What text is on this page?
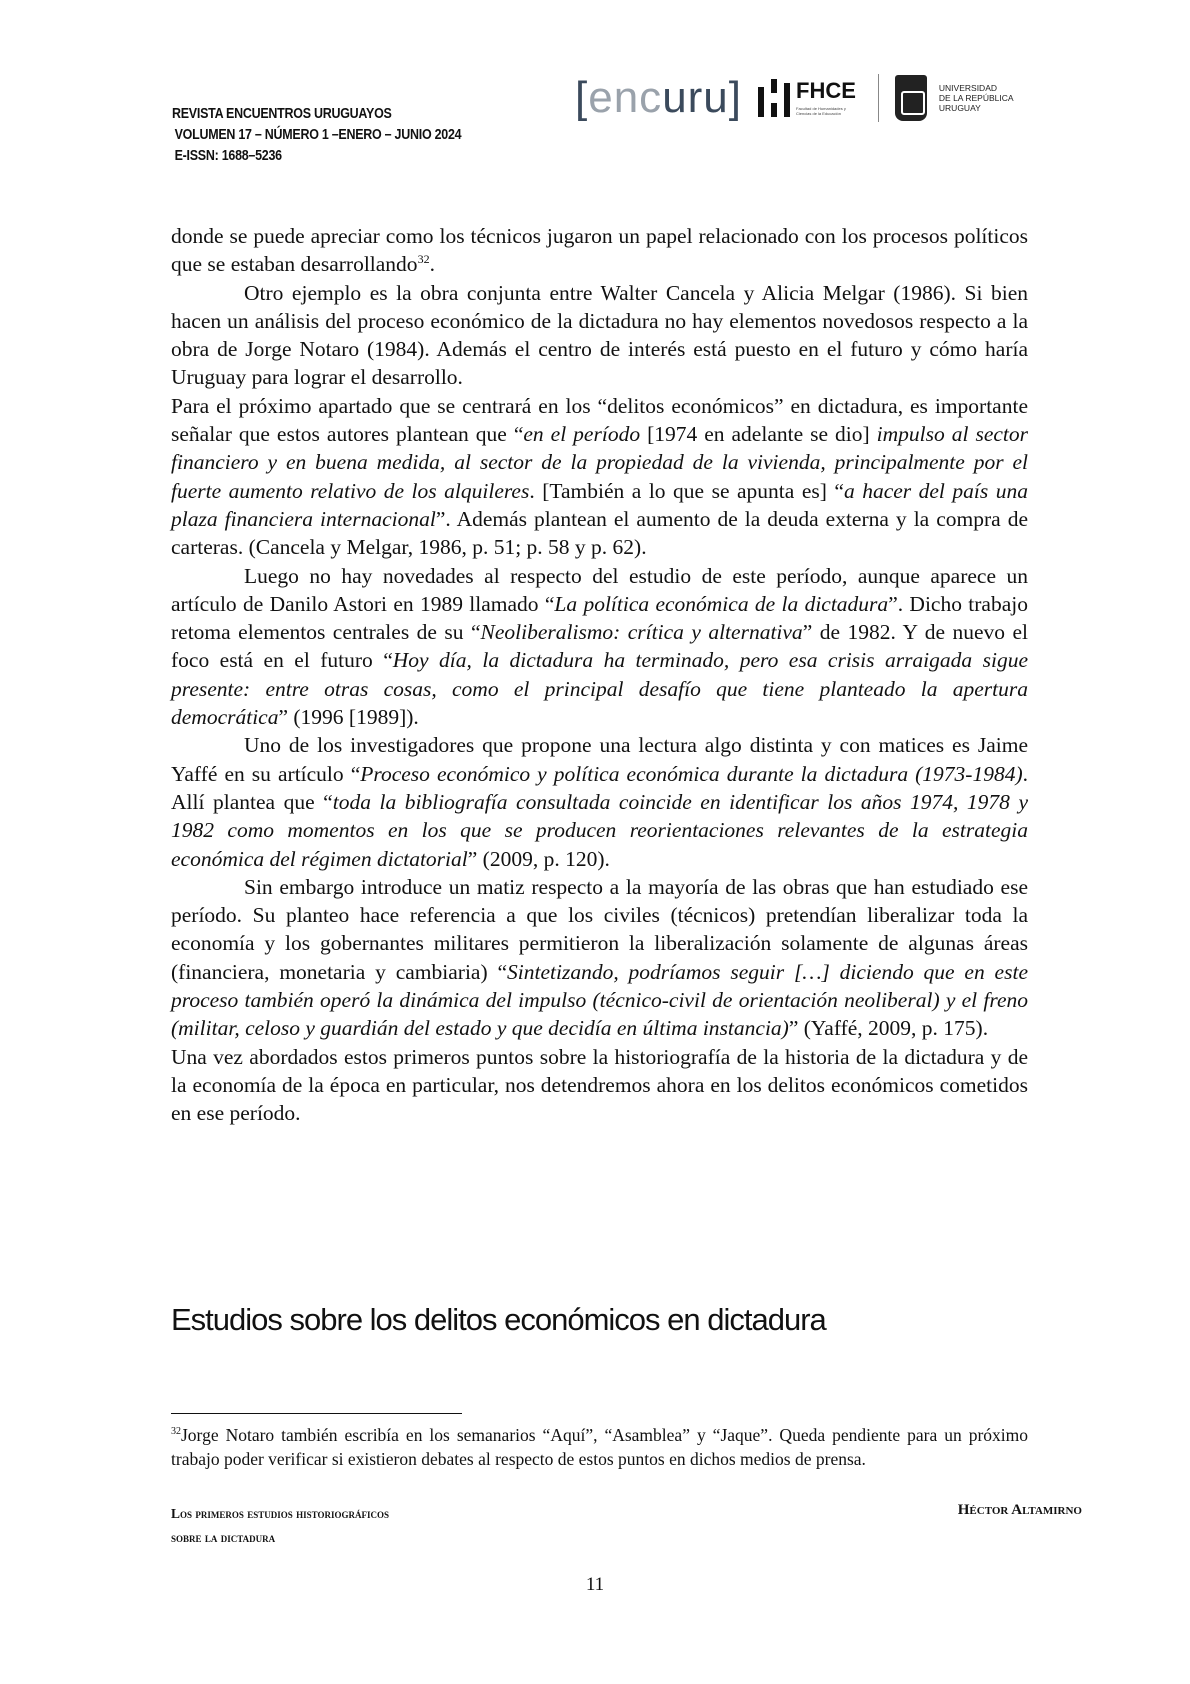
REVISTA ENCUENTROS URUGUAYOS
VOLUMEN 17 – NÚMERO 1 –ENERO – JUNIO 2024
E-ISSN: 1688–5236
[encuru] FHCE
Facultad de Humanidades y Ciencias de la Educación
UNIVERSIDAD
DE LA REPÚBLICA
URUGUAY

donde se puede apreciar como los técnicos jugaron un papel relacionado con los procesos políticos que se estaban desarrollando$^{32}$.

Otro ejemplo es la obra conjunta entre Walter Cancela y Alicia Melgar (1986). Si bien hacen un análisis del proceso económico de la dictadura no hay elementos novedosos respecto a la obra de Jorge Notaro (1984). Además el centro de interés está puesto en el futuro y cómo haría Uruguay para lograr el desarrollo.

Para el próximo apartado que se centrará en los “delitos económicos” en dictadura, es importante señalar que estos autores plantean que “en el período [1974 en adelante se dio] impulso al sector financiero y en buena medida, al sector de la propiedad de la vivienda, principalmente por el fuerte aumento relativo de los alquileres. [También a lo que se apunta es] “a hacer del país una plaza financiera internacional”. Además plantean el aumento de la deuda externa y la compra de carteras. (Cancela y Melgar, 1986, p. 51; p. 58 y p. 62).

Luego no hay novedades al respecto del estudio de este período, aunque aparece un artículo de Danilo Astori en 1989 llamado “La política económica de la dictadura”. Dicho trabajo retoma elementos centrales de su “Neoliberalismo: crítica y alternativa” de 1982. Y de nuevo el foco está en el futuro “Hoy día, la dictadura ha terminado, pero esa crisis arraigada sigue presente: entre otras cosas, como el principal desafío que tiene planteado la apertura democrática” (1996 [1989]).

Uno de los investigadores que propone una lectura algo distinta y con matices es Jaime Yaffé en su artículo “Proceso económico y política económica durante la dictadura (1973-1984). Allí plantea que “toda la bibliografía consultada coincide en identificar los años 1974, 1978 y 1982 como momentos en los que se producen reorientaciones relevantes de la estrategia económica del régimen dictatorial” (2009, p. 120).

Sin embargo introduce un matiz respecto a la mayoría de las obras que han estudiado ese período. Su planteo hace referencia a que los civiles (técnicos) pretendían liberalizar toda la economía y los gobernantes militares permitieron la liberalización solamente de algunas áreas (financiera, monetaria y cambiaria) “Sintetizando, podríamos seguir […] diciendo que en este proceso también operó la dinámica del impulso (técnico-civil de orientación neoliberal) y el freno (militar, celoso y guardián del estado y que decidía en última instancia)” (Yaffé, 2009, p. 175).

Una vez abordados estos primeros puntos sobre la historiografía de la historia de la dictadura y de la economía de la época en particular, nos detendremos ahora en los delitos económicos cometidos en ese período.

Estudios sobre los delitos económicos en dictadura
$^{32}$Jorge Notaro también escribía en los semanarios “Aquí”, “Asamblea” y “Jaque”. Queda pendiente para un próximo trabajo poder verificar si existieron debates al respecto de estos puntos en dichos medios de prensa.
Los primeros estudios historiográficos
sobre la dictadura
Héctor Altamirno
11
